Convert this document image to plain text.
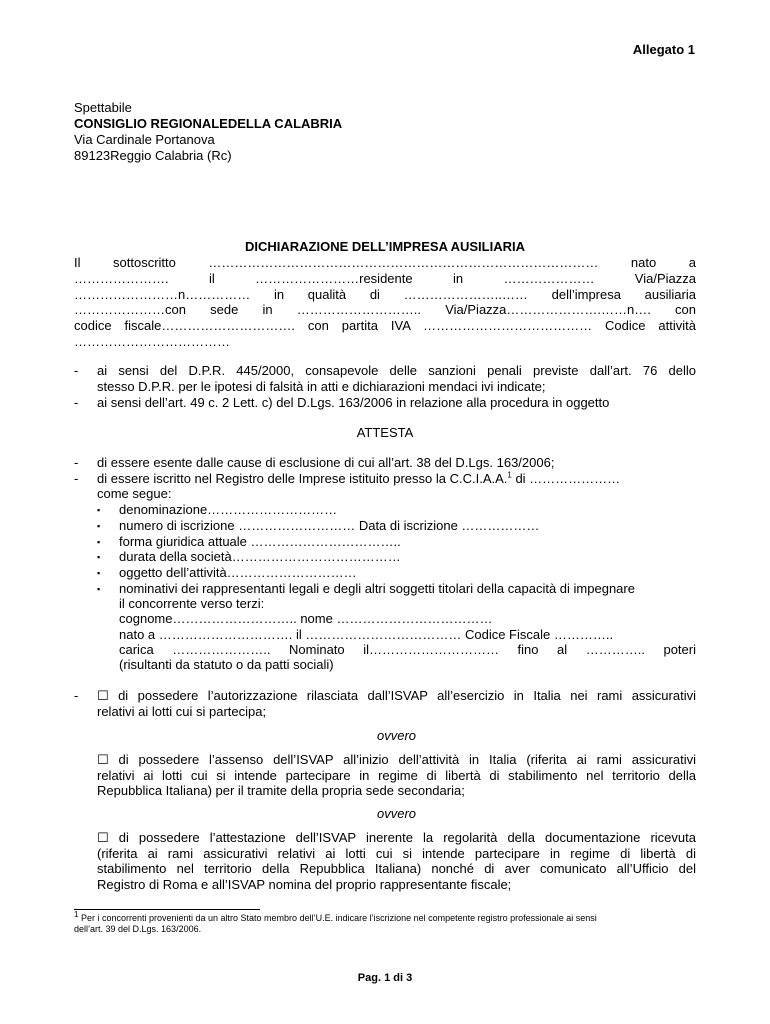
Allegato 1
Spettabile
CONSIGLIO REGIONALEDELLA CALABRIA
Via Cardinale Portanova
89123Reggio Calabria (Rc)
DICHIARAZIONE DELL’IMPRESA AUSILIARIA
Il sottoscritto ……………………………………………………………………………… nato a
…………………. il ……………………residente in ………………… Via/Piazza
……………………n…………… in qualità di …………………..…… dell’impresa ausiliaria
…………………con sede in ……………………….. Via/Piazza………………….……n…. con
codice fiscale…………………………. con partita IVA ………………………………… Codice attività
………………………………
- ai sensi del D.P.R. 445/2000, consapevole delle sanzioni penali previste dall’art. 76 dello
stesso D.P.R. per le ipotesi di falsità in atti e dichiarazioni mendaci ivi indicate;
- ai sensi dell’art. 49 c. 2 Lett. c) del D.Lgs. 163/2006 in relazione alla procedura in oggetto
ATTESTA
- di essere esente dalle cause di esclusione di cui all’art. 38 del D.Lgs. 163/2006;
- di essere iscritto nel Registro delle Imprese istituito presso la C.C.I.A.A.$^1$ di …………………
come segue:
▪ denominazione…………………………
▪ numero di iscrizione ……………………… Data di iscrizione ………………
▪ forma giuridica attuale ……………………………..
▪ durata della società…………………………………
▪ oggetto dell’attività…………………………
▪ nominativi dei rappresentanti legali e degli altri soggetti titolari della capacità di impegnare
il concorrente verso terzi:
cognome……………………….. nome ………………………………
nato a …………………………. il ……………………………… Codice Fiscale …………..
carica ………………….. Nominato il………………………… fino al ………….. poteri
(risultanti da statuto o da patti sociali)
- ☐ di possedere l’autorizzazione rilasciata dall’ISVAP all’esercizio in Italia nei rami assicurativi
relativi ai lotti cui si partecipa;
ovvero
☐ di possedere l’assenso dell’ISVAP all’inizio dell’attività in Italia (riferita ai rami assicurativi
relativi ai lotti cui si intende partecipare in regime di libertà di stabilimento nel territorio della
Repubblica Italiana) per il tramite della propria sede secondaria;
ovvero
☐ di possedere l’attestazione dell’ISVAP inerente la regolarità della documentazione ricevuta
(riferita ai rami assicurativi relativi ai lotti cui si intende partecipare in regime di libertà di
stabilimento nel territorio della Repubblica Italiana) nonché di aver comunicato all’Ufficio del
Registro di Roma e all’ISVAP nomina del proprio rappresentante fiscale;
$^1$ Per i concorrenti provenienti da un altro Stato membro dell’U.E. indicare l’iscrizione nel competente registro professionale ai sensi
dell’art. 39 del D.Lgs. 163/2006.
Pag. 1 di 3
